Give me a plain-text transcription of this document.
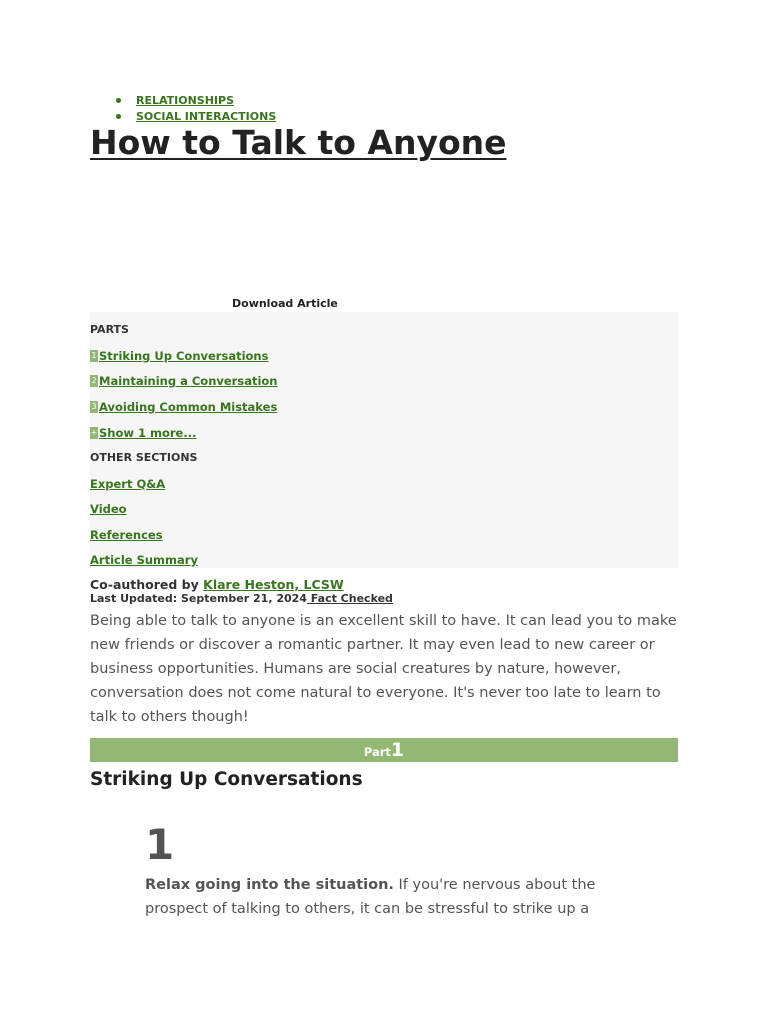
RELATIONSHIPS
SOCIAL INTERACTIONS
How to Talk to Anyone
Download Article
PARTS
1 Striking Up Conversations
2 Maintaining a Conversation
3 Avoiding Common Mistakes
+ Show 1 more...
OTHER SECTIONS
Expert Q&A
Video
References
Article Summary
Co-authored by Klare Heston, LCSW
Last Updated: September 21, 2024 Fact Checked

Being able to talk to anyone is an excellent skill to have. It can lead you to make new friends or discover a romantic partner. It may even lead to new career or business opportunities. Humans are social creatures by nature, however, conversation does not come natural to everyone. It's never too late to learn to talk to others though!

Part1
Striking Up Conversations
1

Relax going into the situation. If you're nervous about the prospect of talking to others, it can be stressful to strike up a
